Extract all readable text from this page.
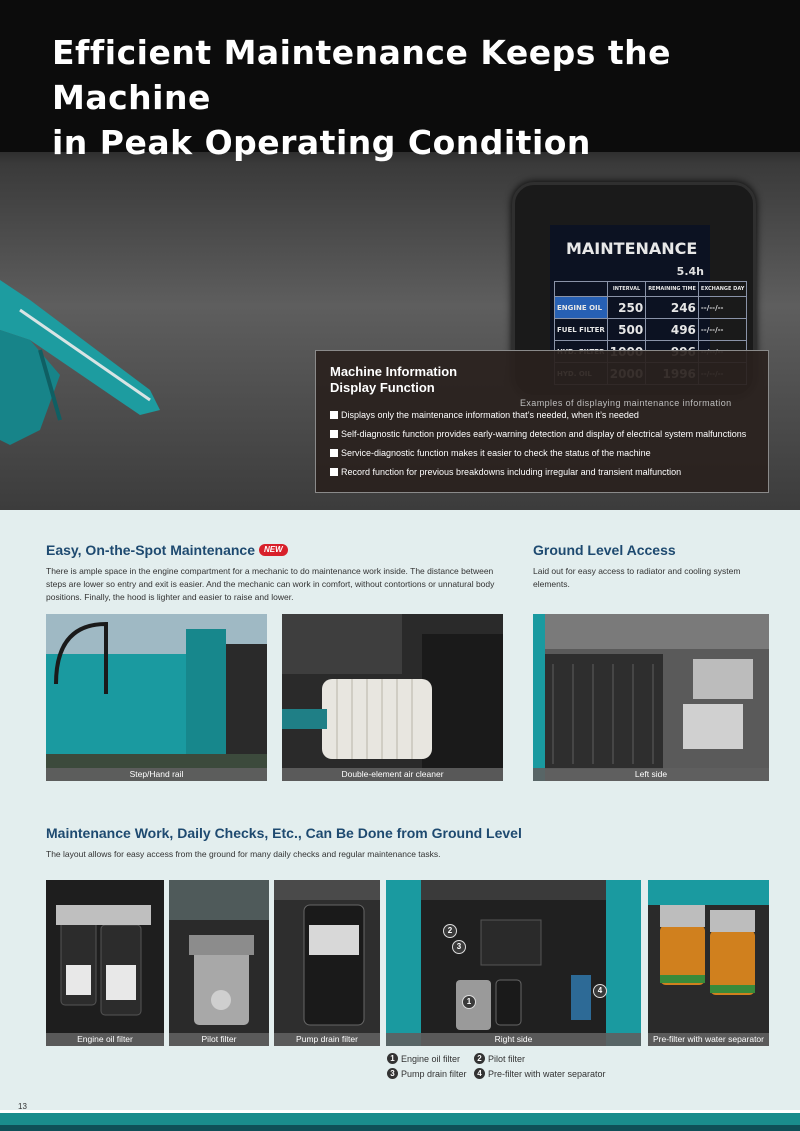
Efficient Maintenance Keeps the Machine
in Peak Operating Condition
MAINTENANCE
5.4h
	INTERVAL	REMAINING TIME	EXCHANGE DAY
ENGINE OIL	250	246	--/--/--
FUEL FILTER	500	496	--/--/--

Machine Information Display Function
Examples of displaying maintenance information
Displays only the maintenance information that’s needed, when it’s needed
Self-diagnostic function provides early-warning detection and display of electrical system malfunctions
Service-diagnostic function makes it easier to check the status of the machine
Record function for previous breakdowns including irregular and transient malfunction
Easy, On-the-Spot Maintenance NEW

There is ample space in the engine compartment for a mechanic to do maintenance work inside. The distance between steps are lower so entry and exit is easier. And the mechanic can work in comfort, without contortions or unnatural body positions. Finally, the hood is lighter and easier to raise and lower.

Ground Level Access

Laid out for easy access to radiator and cooling system elements.

Step/Hand rail	Double-element air cleaner	Left side
Maintenance Work, Daily Checks, Etc., Can Be Done from Ground Level

The layout allows for easy access from the ground for many daily checks and regular maintenance tasks.

Engine oil filter	Pilot filter	Pump drain filter
2
3
1
4
Right side	Pre-filter with water separator
1 Engine oil filter	2 Pilot filter
3 Pump drain filter	4 Pre-filter with water separator
13
